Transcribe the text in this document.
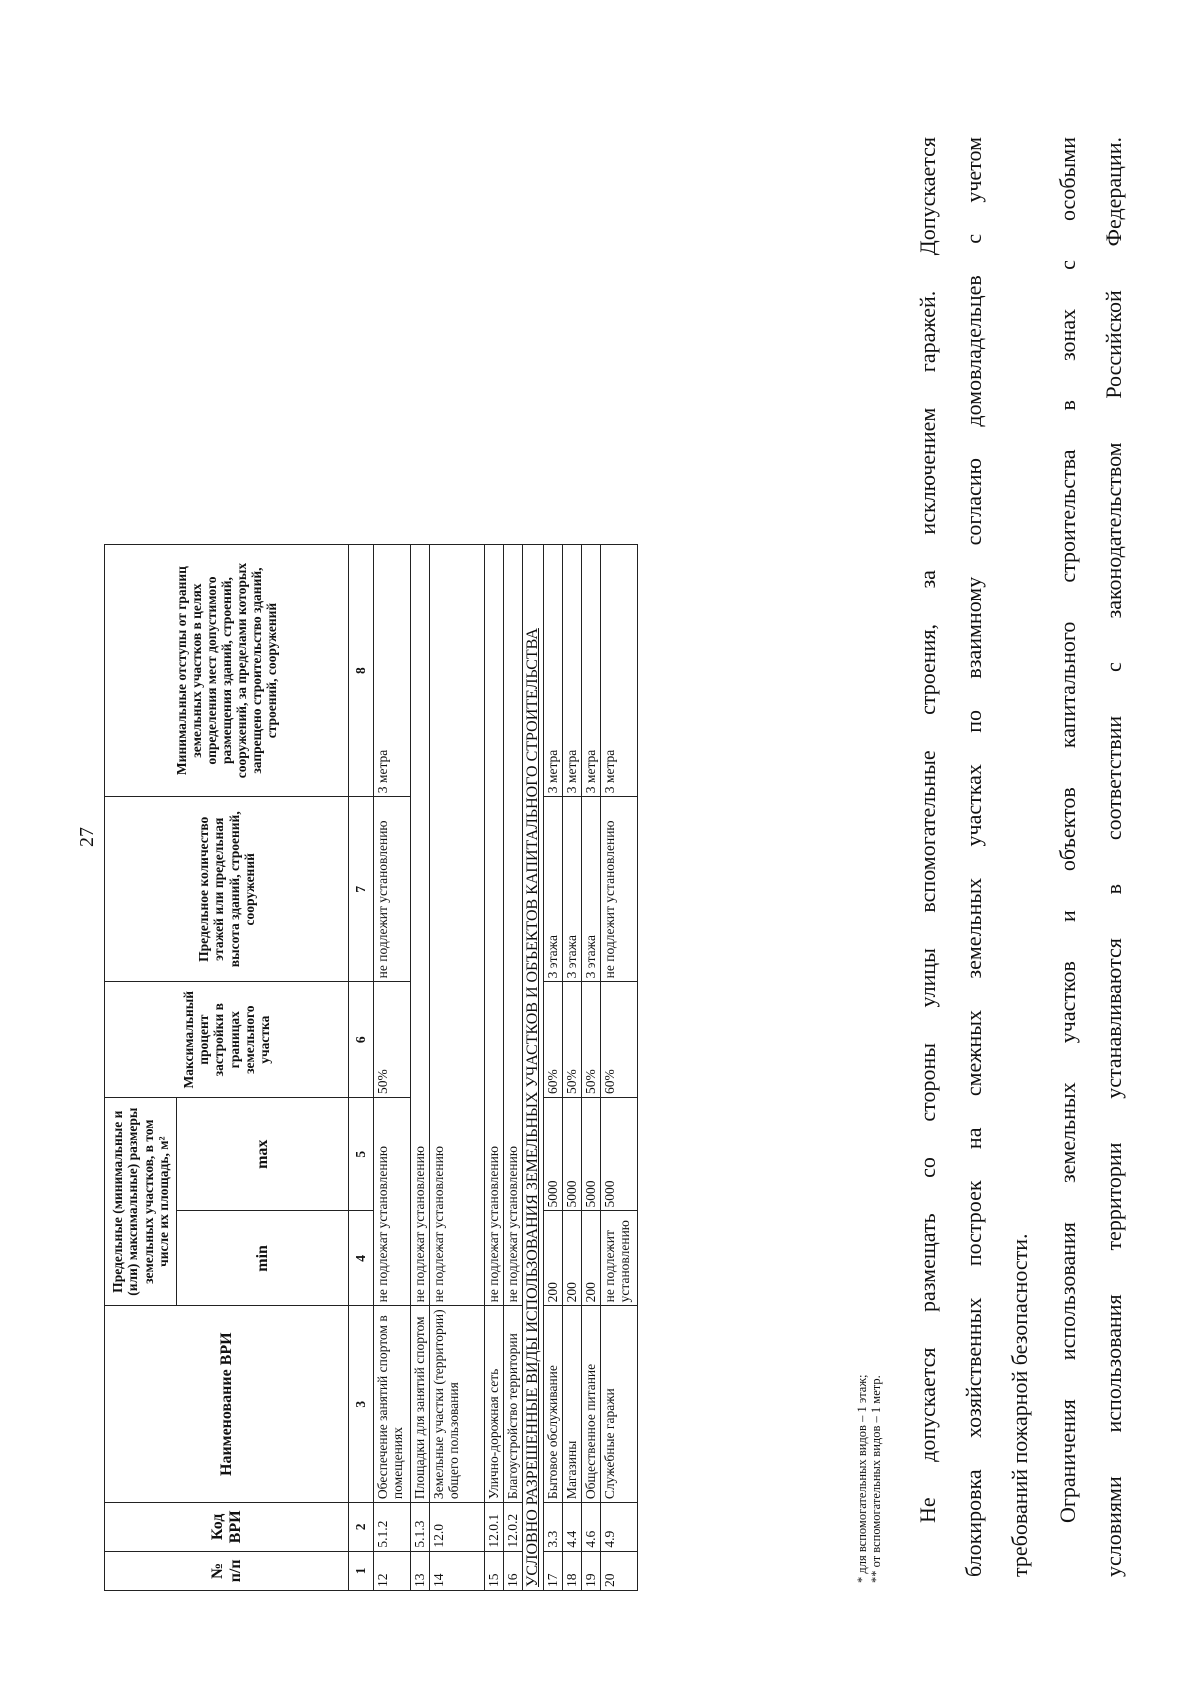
27
№ п/п	Код ВРИ	Наименование ВРИ	Предельные (минимальные и (или) максимальные) размеры земельных участков, в том числе их площадь, м²		Максимальный процент застройки в границах земельного участка	Предельное количество этажей или предельная высота зданий, строений, сооружений	Минимальные отступы от границ земельных участков в целях определения мест допустимого размещения зданий, строений, сооружений, за пределами которых запрещено строительство зданий, строений, сооружений
			min	max			
1	2	3	4	5	6	7	8
12	5.1.2	Обеспечение занятий спортом в помещениях	не подлежат установлению		50%	не подлежит установлению	3 метра
13	5.1.3	Площадки для занятий спортом	не подлежат установлению				
14	12.0	Земельные участки (территории) общего пользования	не подлежат установлению				
15	12.0.1	Улично-дорожная сеть	не подлежат установлению				
16	12.0.2	Благоустройство территории	не подлежат установлению				
УСЛОВНО РАЗРЕШЕННЫЕ ВИДЫ ИСПОЛЬЗОВАНИЯ ЗЕМЕЛЬНЫХ УЧАСТКОВ И ОБЪЕКТОВ КАПИТАЛЬНОГО СТРОИТЕЛЬСТВА							
17	3.3	Бытовое обслуживание	200	5000	60%	3 этажа	3 метра
18	4.4	Магазины	200	5000	50%	3 этажа	3 метра
19	4.6	Общественное питание	200	5000	50%	3 этажа	3 метра
20	4.9	Служебные гаражи	не подлежит установлению	5000	60%	не подлежит установлению	3 метра
* для вспомогательных видов – 1 этаж; ** от вспомогательных видов – 1 метр.	Не допускается размещать со стороны улицы вспомогательные строения, за исключением гаражей. Допускается блокировка хозяйственных построек на смежных земельных участках по взаимному согласию домовладельцев с учетом требований пожарной безопасности.	Ограничения использования земельных участков и объектов капитального строительства в зонах с особыми условиями использования территории устанавливаются в соответствии с законодательством Российской Федерации.
